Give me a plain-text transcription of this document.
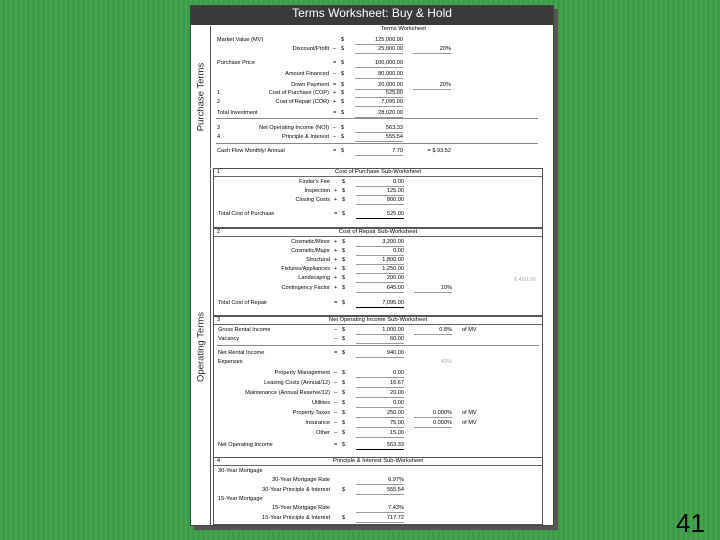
Terms Worksheet: Buy & Hold
Purchase Terms
Operating Terms
Terms Worksheet
Market Value (MV)	$	125,000.00
Discount/Profit – $	25,000.00	20%
Purchase Price	= $	100,000.00
Amount Financed – $	80,000.00
Down Payment = $	20,000.00	20%
1	Cost of Purchase (COP) + $	525.00
2	Cost of Repair (COR) + $	7,095.00
Total Investment	= $	28,020.00
3	Net Operating Income (NOI) – $	563.33
4	Principle & Interest – $	555.54
Cash Flow Monthly/ Annual	= $	7.79	= $ 93.52
1	Cost of Purchase Sub-Worksheet
Finder's Fee $	0.00
Inspection + $	125.00
Closing Costs + $	800.00
Total Cost of Purchase	= $	525.00
2	Cost of Repair Sub-Worksheet
Cosmetic/Minor + $	3,200.00
Cosmetic/Major + $	0.00
Structural + $	1,800.00
Fixtures/Appliances + $	1,250.00
Landscaping + $	200.00
Contingency Factor + $	645.00	10%
Total Cost of Repair	= $	7,095.00
6,450.00
3	Net Operating Income Sub-Worksheet
Gross Rental Income	– $	1,000.00	0.8% of MV
Vacancy	– $	60.00
Net Rental Income	= $	940.00
Expenses	40%
Property Management – $	0.00
Leasing Costs (Annual/12) – $	16.67
Maintenance (Annual Reserve/12) – $	20.00
Utilities – $	0.00
Property Taxes – $	250.00	0.000% of MV
Insurance – $	75.00	0.000% of MV
Other – $	15.00
Net Operating Income	= $	563.33
4	Principle & Interest Sub-Worksheet
30-Year Mortgage
30-Year Mortgage Rate	6.97%
30-Year Principle & Interest $	555.54
15-Year Mortgage
15-Year Mortgage Rate	7.43%
15-Year Principle & Interest $	717.72	41
